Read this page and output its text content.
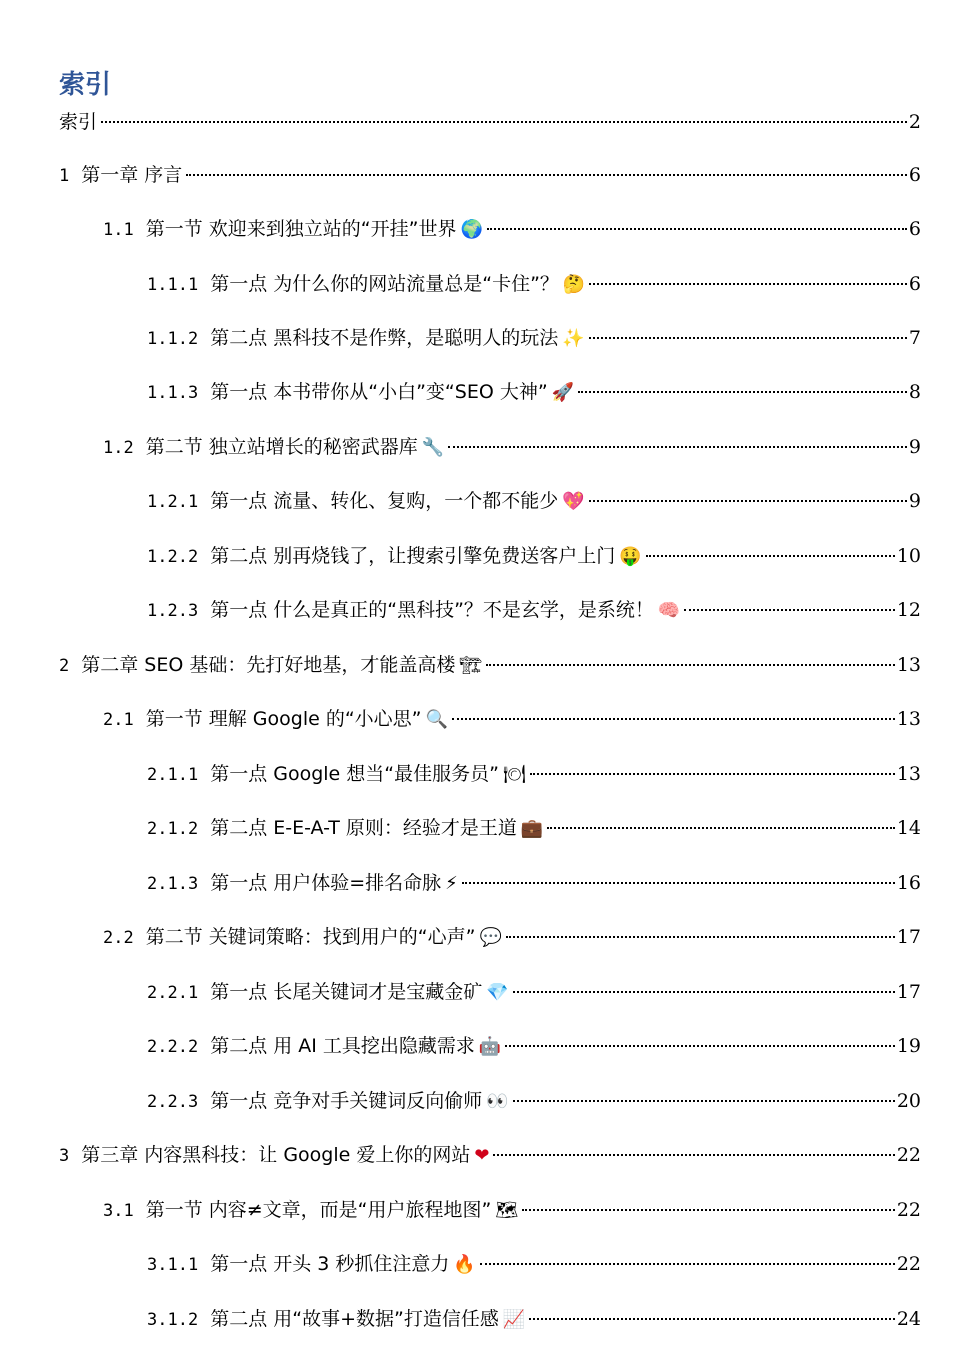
索引
索引	2
1 第一章 序言	6
1.1 第一节 欢迎来到独立站的“开挂”世界 🌍	6
1.1.1 第一点 为什么你的网站流量总是“卡住”？ 🤔	6
1.1.2 第二点 黑科技不是作弊，是聪明人的玩法 ✨	7
1.1.3 第一点 本书带你从“小白”变“SEO 大神” 🚀	8
1.2 第二节 独立站增长的秘密武器库 🔧	9
1.2.1 第一点 流量、转化、复购，一个都不能少 💖	9
1.2.2 第二点 别再烧钱了，让搜索引擎免费送客户上门 🤑	10
1.2.3 第一点 什么是真正的“黑科技”？不是玄学，是系统！ 🧠	12
2 第二章 SEO 基础：先打好地基，才能盖高楼 🏗	13
2.1 第一节 理解 Google 的“小心思” 🔍	13
2.1.1 第一点 Google 想当“最佳服务员” 🍽	13
2.1.2 第二点 E-E-A-T 原则：经验才是王道 💼	14
2.1.3 第一点 用户体验=排名命脉 ⚡	16
2.2 第二节 关键词策略：找到用户的“心声” 💬	17
2.2.1 第一点 长尾关键词才是宝藏金矿 💎	17
2.2.2 第二点 用 AI 工具挖出隐藏需求 🤖	19
2.2.3 第一点 竞争对手关键词反向偷师 👀	20
3 第三章 内容黑科技：让 Google 爱上你的网站 ❤	22
3.1 第一节 内容≠文章，而是“用户旅程地图” 🗺	22
3.1.1 第一点 开头 3 秒抓住注意力 🔥	22
3.1.2 第二点 用“故事+数据”打造信任感 📈	24
